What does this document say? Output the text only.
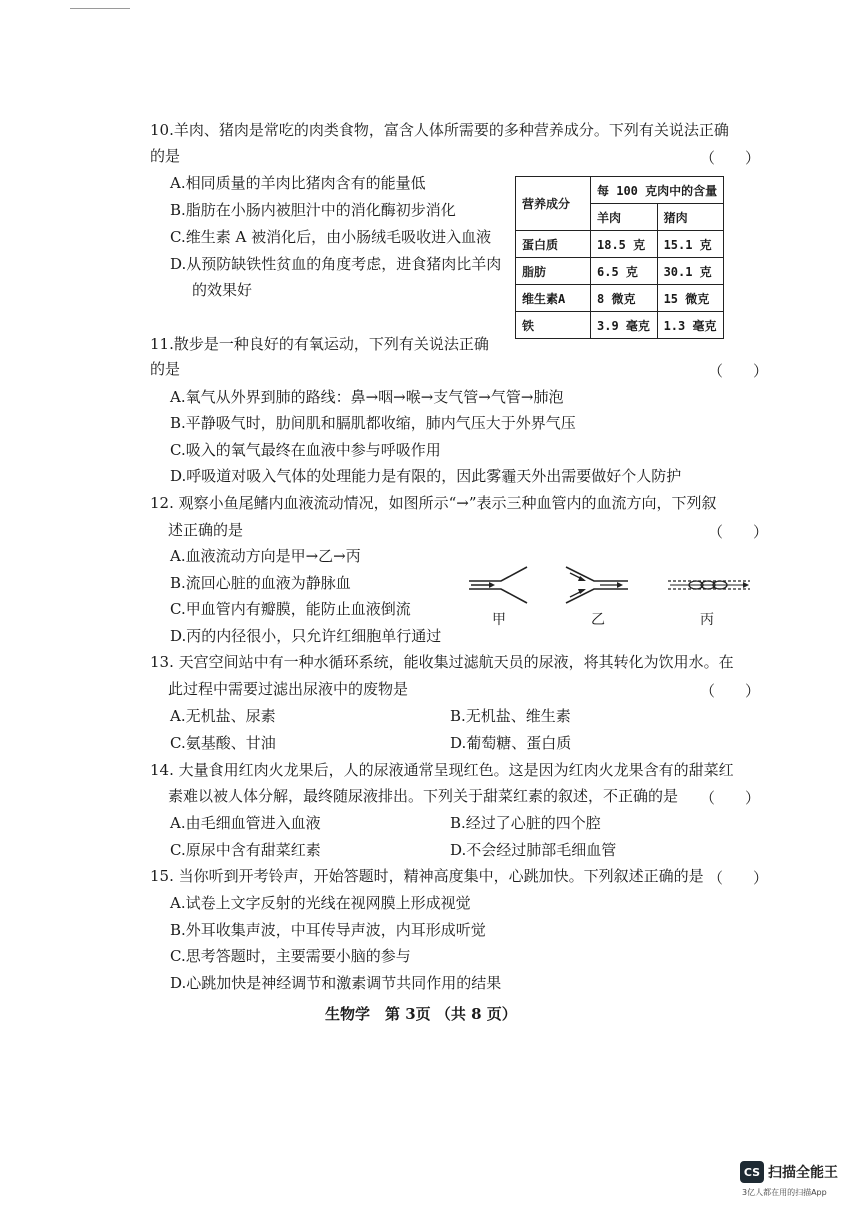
10.羊肉、猪肉是常吃的肉类食物，富含人体所需要的多种营养成分。下列有关说法正确
的是	（　　）
A.相同质量的羊肉比猪肉含有的能量低
B.脂肪在小肠内被胆汁中的消化酶初步消化
C.维生素 A 被消化后，由小肠绒毛吸收进入血液
D.从预防缺铁性贫血的角度考虑，进食猪肉比羊肉
的效果好
营养成分	每 100 克肉中的含量	
	羊肉	猪肉
蛋白质	18.5 克	15.1 克
脂肪	6.5 克	30.1 克
维生素A	8 微克	15 微克
铁	3.9 毫克	1.3 毫克
11.散步是一种良好的有氧运动，下列有关说法正确
的是	（　　）
A.氧气从外界到肺的路线：鼻→咽→喉→支气管→气管→肺泡
B.平静吸气时，肋间肌和膈肌都收缩，肺内气压大于外界气压
C.吸入的氧气最终在血液中参与呼吸作用
D.呼吸道对吸入气体的处理能力是有限的，因此雾霾天外出需要做好个人防护
12. 观察小鱼尾鳍内血液流动情况，如图所示“→”表示三种血管内的血流方向，下列叙
述正确的是	（　　）
A.血液流动方向是甲→乙→丙
B.流回心脏的血液为静脉血
C.甲血管内有瓣膜，能防止血液倒流
D.丙的内径很小，只允许红细胞单行通过
甲	乙	丙
13. 天宫空间站中有一种水循环系统，能收集过滤航天员的尿液，将其转化为饮用水。在
此过程中需要过滤出尿液中的废物是	（　　）
A.无机盐、尿素	B.无机盐、维生素
C.氨基酸、甘油	D.葡萄糖、蛋白质
14. 大量食用红肉火龙果后，人的尿液通常呈现红色。这是因为红肉火龙果含有的甜菜红
素难以被人体分解，最终随尿液排出。下列关于甜菜红素的叙述，不正确的是 （　　）
A.由毛细血管进入血液	B.经过了心脏的四个腔
C.原尿中含有甜菜红素	D.不会经过肺部毛细血管
15. 当你听到开考铃声，开始答题时，精神高度集中，心跳加快。下列叙述正确的是 （　　）
A.试卷上文字反射的光线在视网膜上形成视觉
B.外耳收集声波，中耳传导声波，内耳形成听觉
C.思考答题时，主要需要小脑的参与
D.心跳加快是神经调节和激素调节共同作用的结果
生物学　第 3页 （共 8 页）
CS 扫描全能王
3亿人都在用的扫描App
